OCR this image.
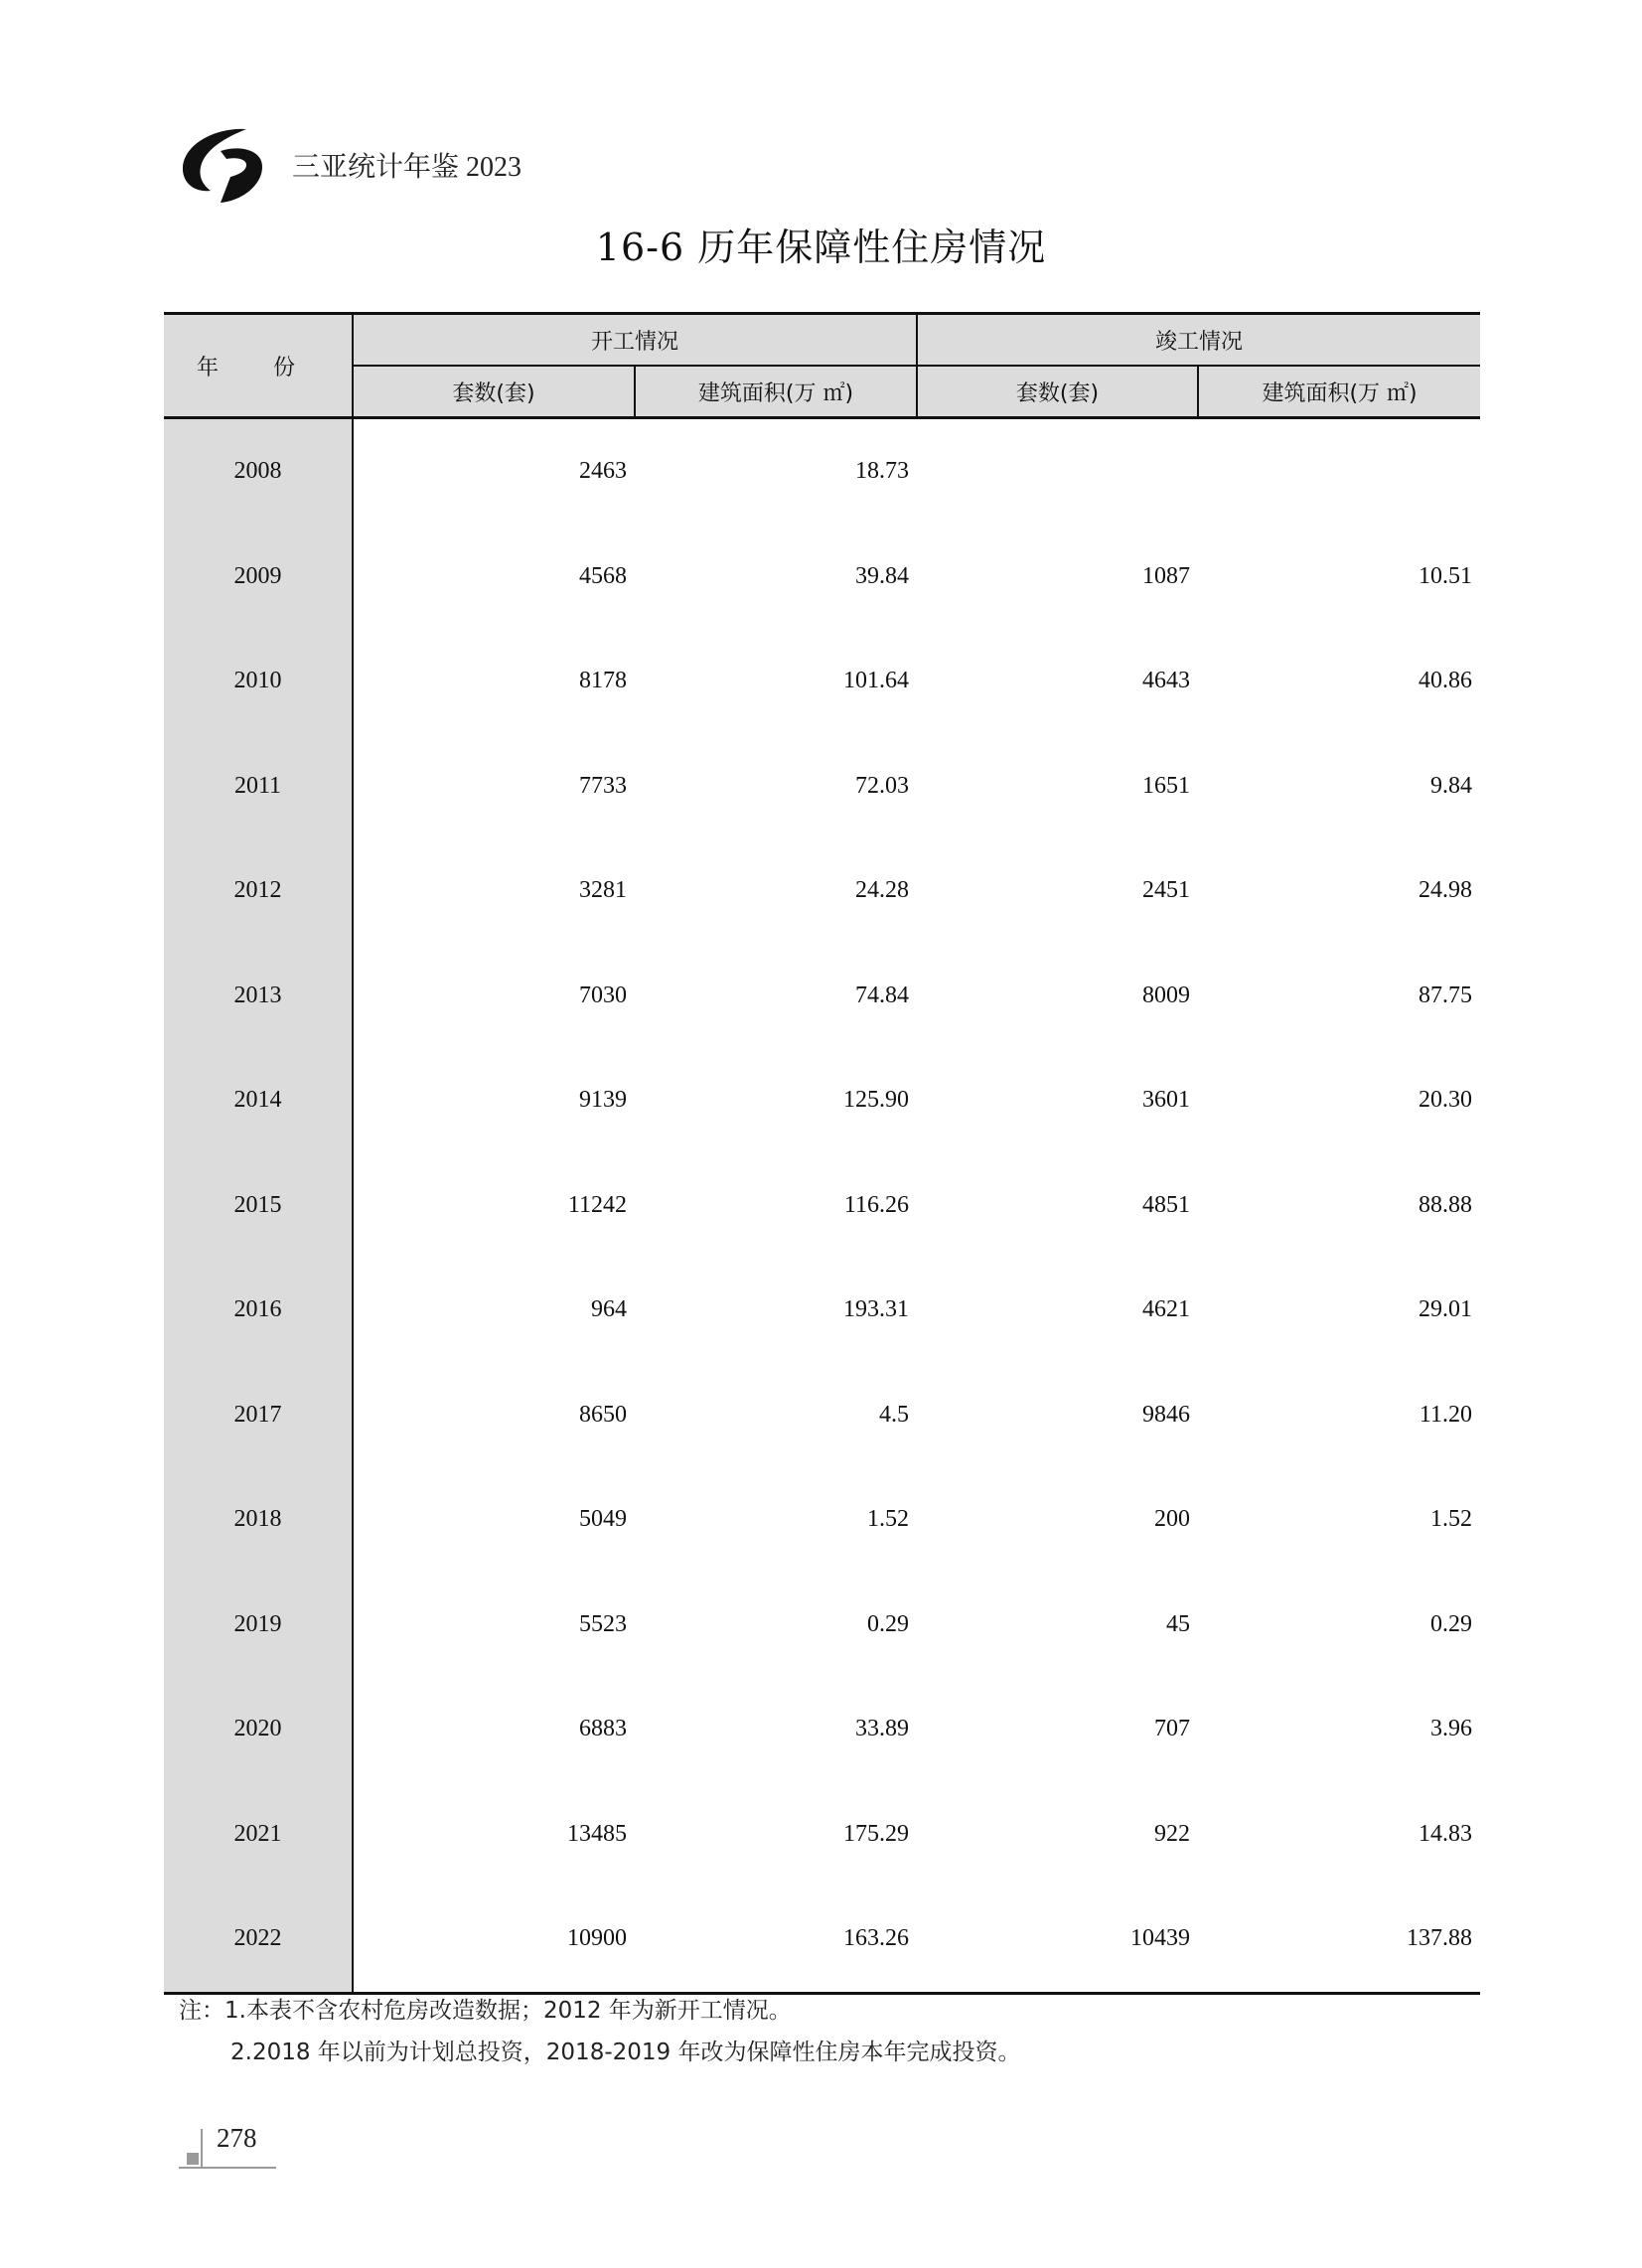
三亚统计年鉴 2023
16-6 历年保障性住房情况
年 份	开工情况		竣工情况	
	套数(套)	建筑面积(万 ㎡)	套数(套)	建筑面积(万 ㎡)
2008	2463	18.73		
2009	4568	39.84	1087	10.51
2010	8178	101.64	4643	40.86
2011	7733	72.03	1651	9.84
2012	3281	24.28	2451	24.98
2013	7030	74.84	8009	87.75
2014	9139	125.90	3601	20.30
2015	11242	116.26	4851	88.88
2016	964	193.31	4621	29.01
2017	8650	4.5	9846	11.20
2018	5049	1.52	200	1.52
2019	5523	0.29	45	0.29
2020	6883	33.89	707	3.96
2021	13485	175.29	922	14.83
2022	10900	163.26	10439	137.88
注：1.本表不含农村危房改造数据；2012 年为新开工情况。
2.2018 年以前为计划总投资，2018-2019 年改为保障性住房本年完成投资。
278
